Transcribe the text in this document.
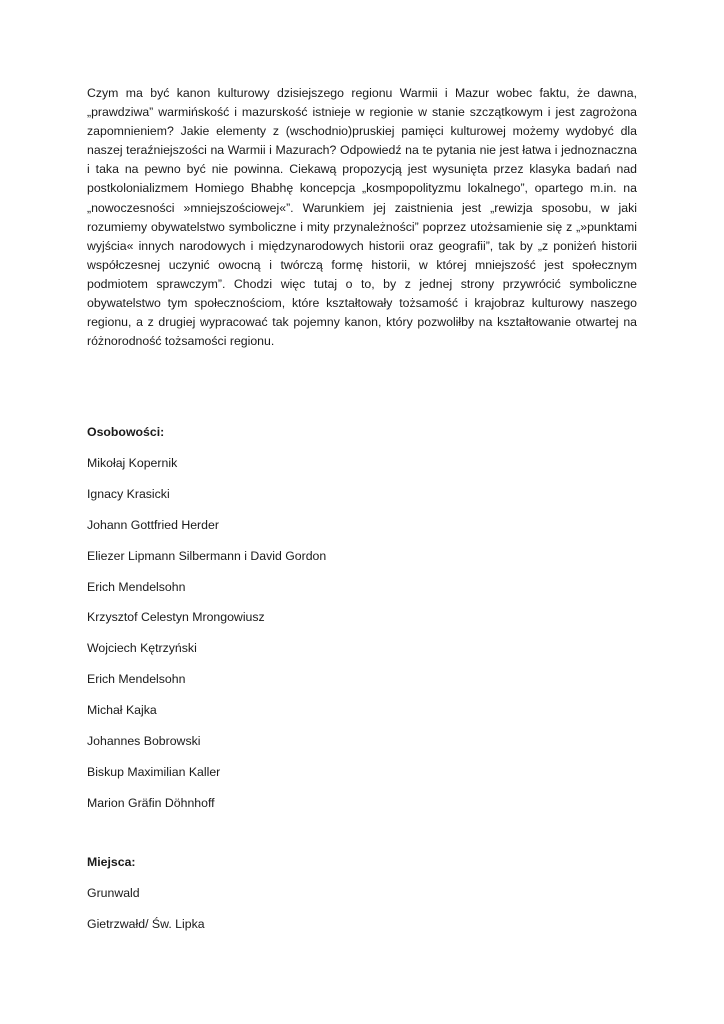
Czym ma być kanon kulturowy dzisiejszego regionu Warmii i Mazur wobec faktu, że dawna, „prawdziwa” warmińskość i mazurskość istnieje w regionie w stanie szczątkowym i jest zagrożona zapomnieniem? Jakie elementy z (wschodnio)pruskiej pamięci kulturowej możemy wydobyć dla naszej teraźniejszości na Warmii i Mazurach? Odpowiedź na te pytania nie jest łatwa i jednoznaczna i taka na pewno być nie powinna. Ciekawą propozycją jest wysunięta przez klasyka badań nad postkolonializmem Homiego Bhabhę koncepcja „kosmpopolityzmu lokalnego”, opartego m.in. na „nowoczesności »mniejszościowej«”. Warunkiem jej zaistnienia jest „rewizja sposobu, w jaki rozumiemy obywatelstwo symboliczne i mity przynależności” poprzez utożsamienie się z „»punktami wyjścia« innych narodowych i międzynarodowych historii oraz geografii”, tak by „z poniżeń historii współczesnej uczynić owocną i twórczą formę historii, w której mniejszość jest społecznym podmiotem sprawczym”. Chodzi więc tutaj o to, by z jednej strony przywrócić symboliczne obywatelstwo tym społecznościom, które kształtowały tożsamość i krajobraz kulturowy naszego regionu, a z drugiej wypracować tak pojemny kanon, który pozwoliłby na kształtowanie otwartej na różnorodność tożsamości regionu.

Osobowości:

Mikołaj Kopernik
Ignacy Krasicki
Johann Gottfried Herder
Eliezer Lipmann Silbermann i David Gordon
Erich Mendelsohn
Krzysztof Celestyn Mrongowiusz
Wojciech Kętrzyński
Erich Mendelsohn
Michał Kajka
Johannes Bobrowski
Biskup Maximilian Kaller
Marion Gräfin Döhnhoff

Miejsca:

Grunwald
Gietrzwałd/ Św. Lipka
